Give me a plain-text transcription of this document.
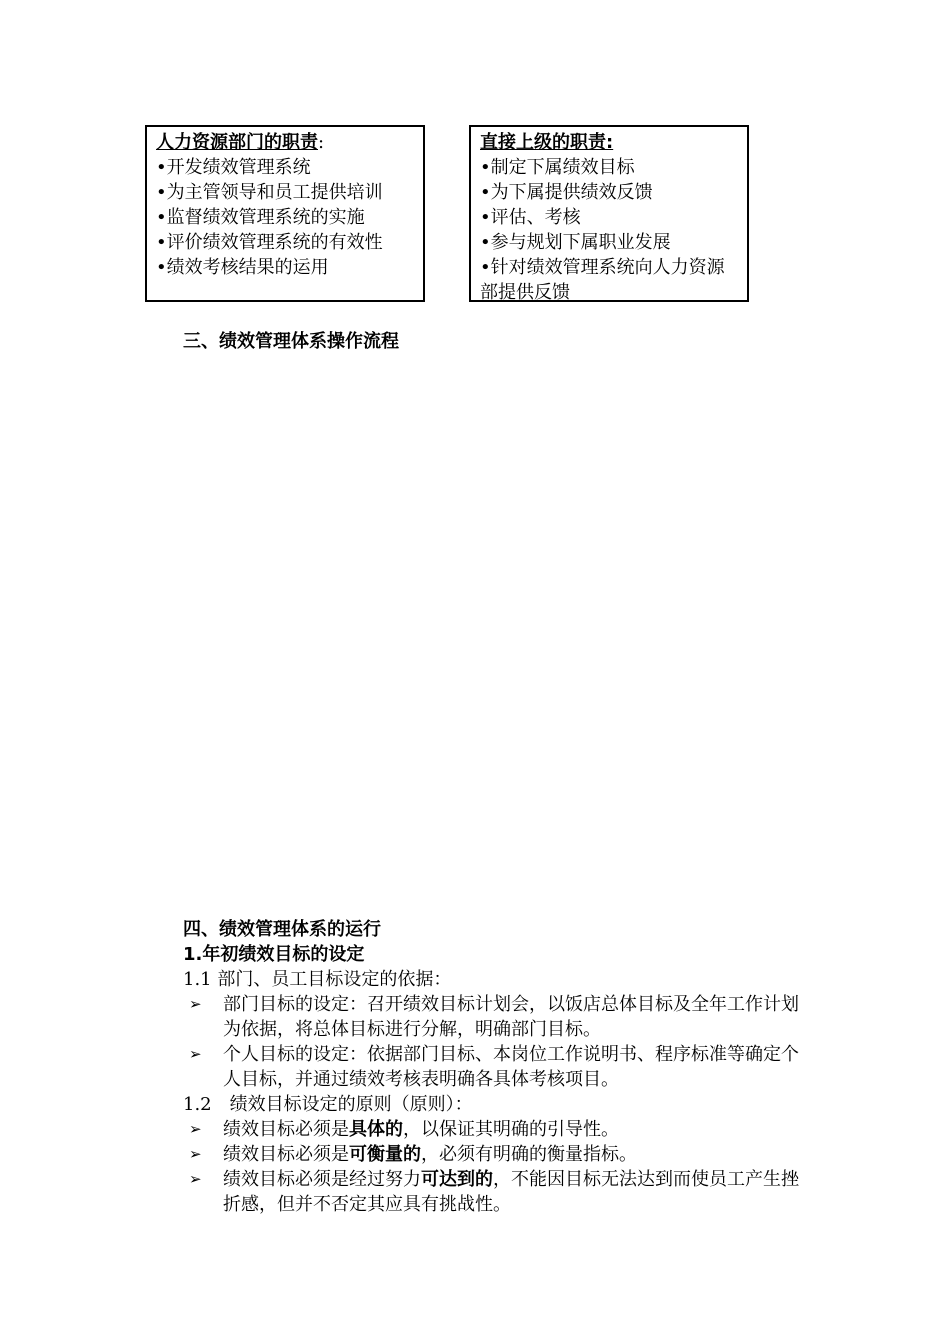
人力资源部门的职责:
•开发绩效管理系统
•为主管领导和员工提供培训
•监督绩效管理系统的实施
•评价绩效管理系统的有效性
•绩效考核结果的运用
直接上级的职责:
•制定下属绩效目标
•为下属提供绩效反馈
•评估、考核
•参与规划下属职业发展
•针对绩效管理系统向人力资源部提供反馈
三、绩效管理体系操作流程
四、绩效管理体系的运行
1.年初绩效目标的设定
1.1 部门、员工目标设定的依据：
➢ 部门目标的设定：召开绩效目标计划会，以饭店总体目标及全年工作计划为依据，将总体目标进行分解，明确部门目标。
➢ 个人目标的设定：依据部门目标、本岗位工作说明书、程序标准等确定个人目标，并通过绩效考核表明确各具体考核项目。
1.2　绩效目标设定的原则（原则）：
➢ 绩效目标必须是具体的，以保证其明确的引导性。
➢ 绩效目标必须是可衡量的，必须有明确的衡量指标。
➢ 绩效目标必须是经过努力可达到的，不能因目标无法达到而使员工产生挫折感，但并不否定其应具有挑战性。
